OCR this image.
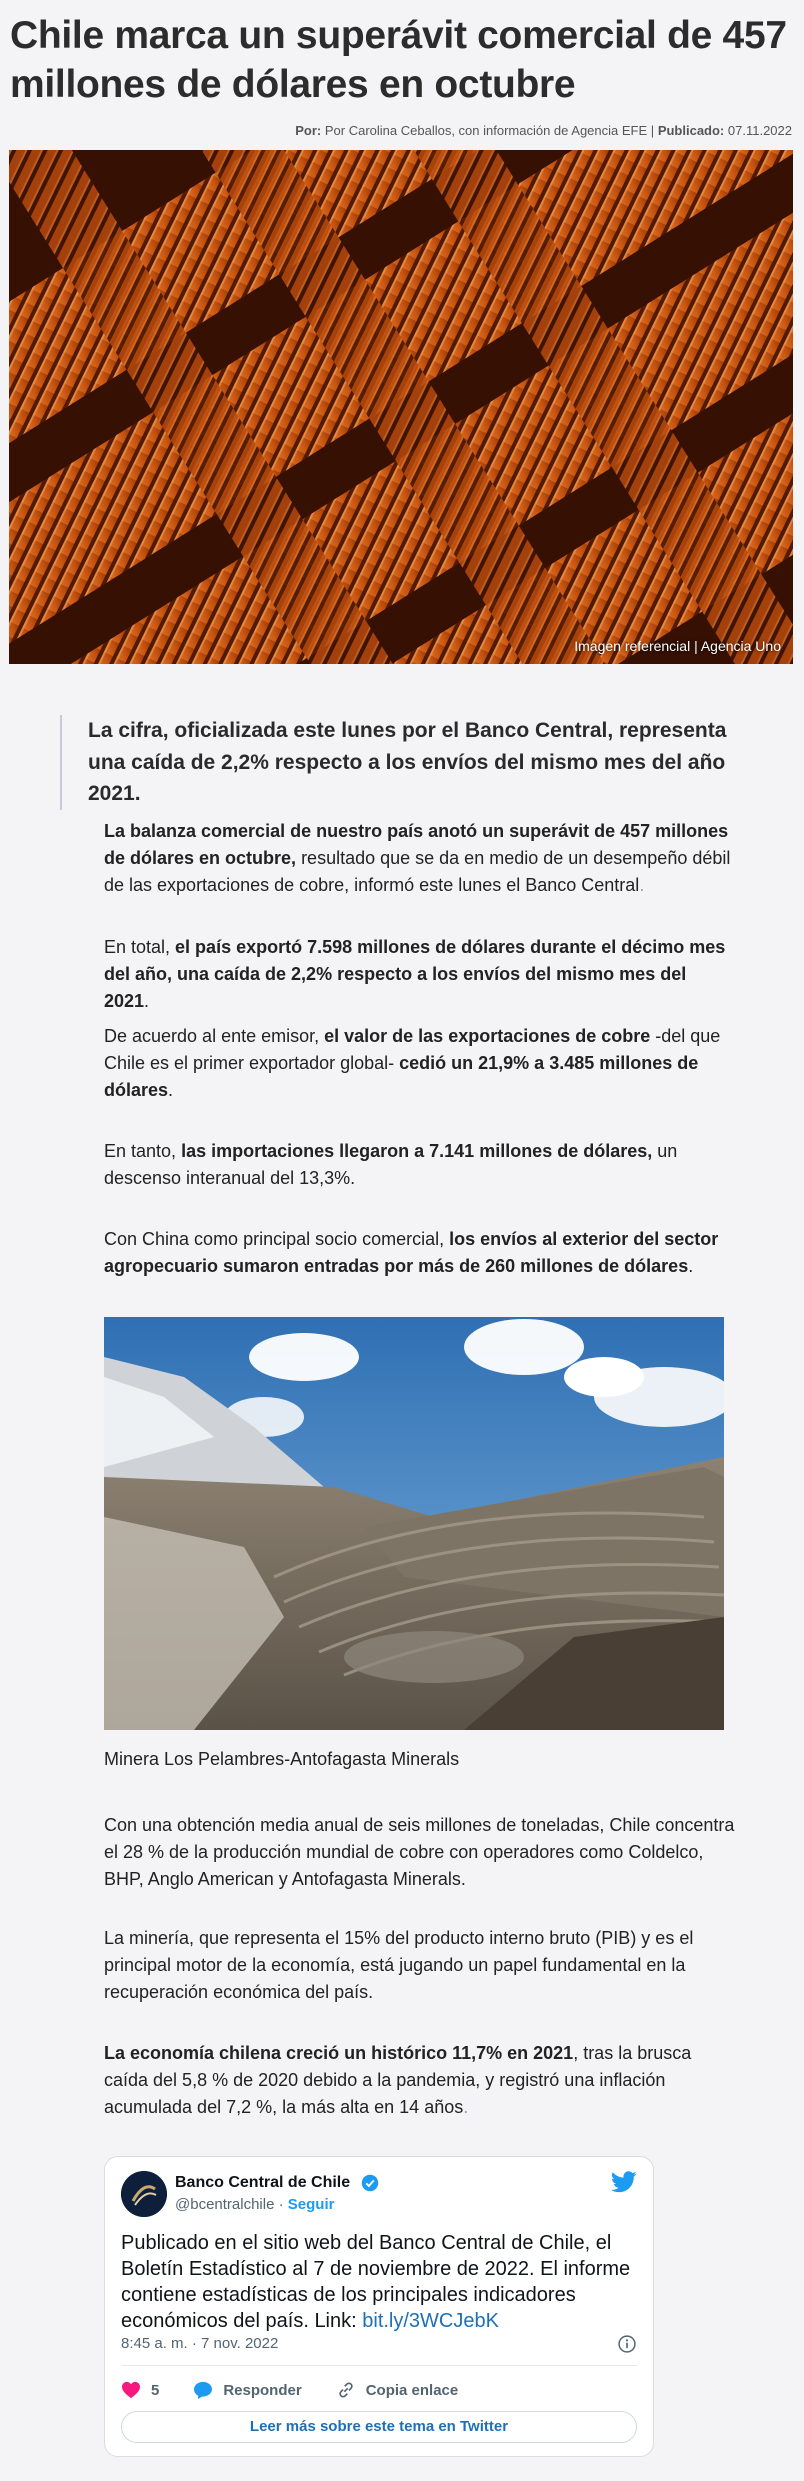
Chile marca un superávit comercial de 457 millones de dólares en octubre
Por: Por Carolina Ceballos, con información de Agencia EFE | Publicado: 07.11.2022
Imagen referencial | Agencia Uno
La cifra, oficializada este lunes por el Banco Central, representa una caída de 2,2% respecto a los envíos del mismo mes del año 2021.

La balanza comercial de nuestro país anotó un superávit de 457 millones de dólares en octubre, resultado que se da en medio de un desempeño débil de las exportaciones de cobre, informó este lunes el Banco Central.

En total, el país exportó 7.598 millones de dólares durante el décimo mes del año, una caída de 2,2% respecto a los envíos del mismo mes del 2021.

De acuerdo al ente emisor, el valor de las exportaciones de cobre -del que Chile es el primer exportador global- cedió un 21,9% a 3.485 millones de dólares.

En tanto, las importaciones llegaron a 7.141 millones de dólares, un descenso interanual del 13,3%.

Con China como principal socio comercial, los envíos al exterior del sector agropecuario sumaron entradas por más de 260 millones de dólares.

Minera Los Pelambres-Antofagasta Minerals

Con una obtención media anual de seis millones de toneladas, Chile concentra el 28 % de la producción mundial de cobre con operadores como Coldelco, BHP, Anglo American y Antofagasta Minerals.

La minería, que representa el 15% del producto interno bruto (PIB) y es el principal motor de la economía, está jugando un papel fundamental en la recuperación económica del país.

La economía chilena creció un histórico 11,7% en 2021, tras la brusca caída del 5,8 % de 2020 debido a la pandemia, y registró una inflación acumulada del 7,2 %, la más alta en 14 años.

Banco Central de Chile
@bcentralchile · Seguir
Publicado en el sitio web del Banco Central de Chile, el Boletín Estadístico al 7 de noviembre de 2022. El informe contiene estadísticas de los principales indicadores económicos del país. Link: bit.ly/3WCJebK
8:45 a. m. · 7 nov. 2022
5	Responder	Copia enlace
Leer más sobre este tema en Twitter
